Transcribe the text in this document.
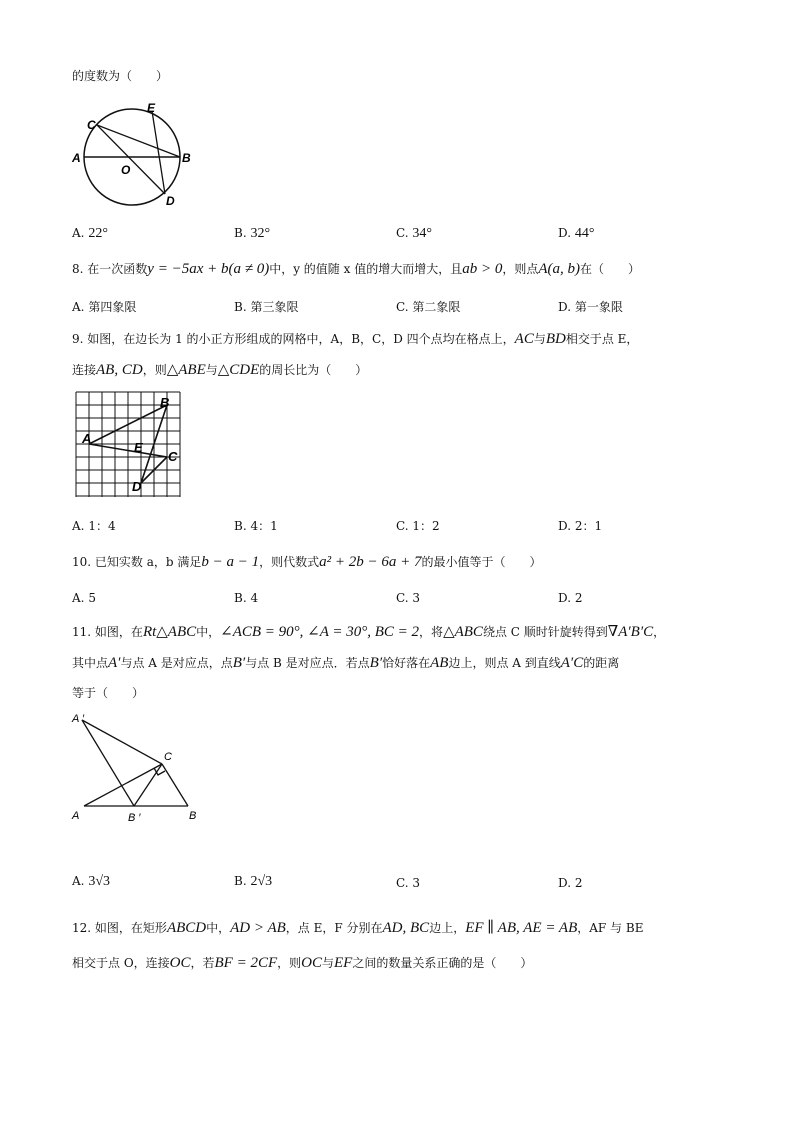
的度数为（　　）
C
E
A
O
B
D
A. 22°	B. 32°	C. 34°	D. 44°
8. 在一次函数y = −5ax + b(a ≠ 0)中，y 的值随 x 值的增大而增大，且ab > 0，则点A(a, b)在（　　）
A. 第四象限	B. 第三象限	C. 第二象限	D. 第一象限
9. 如图，在边长为 1 的小正方形组成的网格中，A，B，C，D 四个点均在格点上，AC与BD相交于点 E，
连接AB, CD，则△ABE与△CDE的周长比为（　　）
B
A
E
C
D
A. 1：4	B. 4：1	C. 1：2	D. 2：1
10. 已知实数 a，b 满足b − a − 1，则代数式a² + 2b − 6a + 7的最小值等于（　　）
A. 5	B. 4	C. 3	D. 2
11. 如图，在Rt△ABC中，∠ACB = 90°, ∠A = 30°, BC = 2，将△ABC绕点 C 顺时针旋转得到∇A′B′C，
其中点A′与点 A 是对应点，点B′与点 B 是对应点．若点B′恰好落在AB边上，则点 A 到直线A′C的距离
等于（　　）
A ′
C
A	B ′	B
A. 3√3	B. 2√3	C. 3	D. 2
12. 如图，在矩形ABCD中，AD > AB，点 E，F 分别在AD, BC边上，EF ∥ AB, AE = AB，AF 与 BE
相交于点 O，连接OC，若BF = 2CF，则OC与EF之间的数量关系正确的是（　　）
